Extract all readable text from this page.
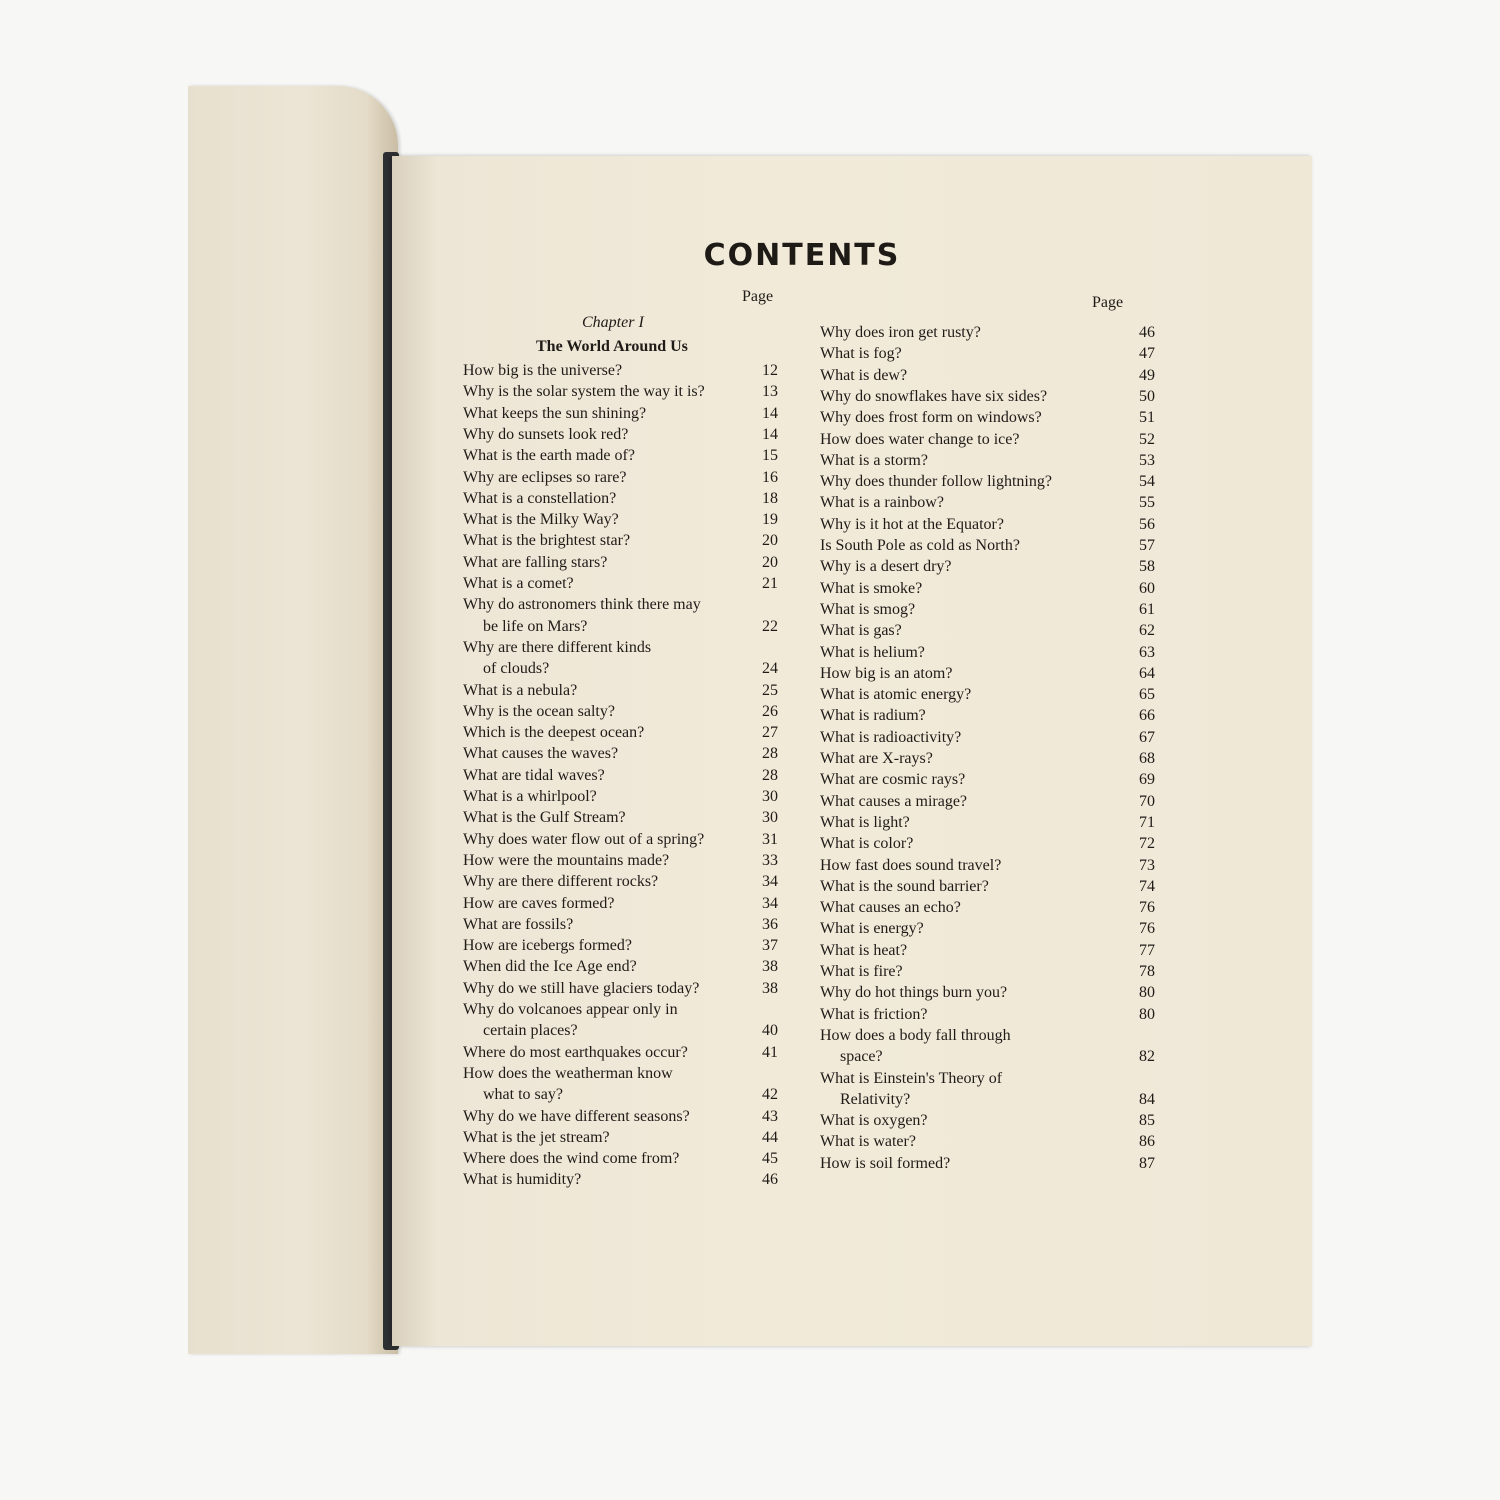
CONTENTS
Page	Page
Chapter I
The World Around Us
How big is the universe?	12
Why is the solar system the way it is?	13
What keeps the sun shining?	14
Why do sunsets look red?	14
What is the earth made of?	15
Why are eclipses so rare?	16
What is a constellation?	18
What is the Milky Way?	19
What is the brightest star?	20
What are falling stars?	20
What is a comet?	21
Why do astronomers think there may
be life on Mars?	22
Why are there different kinds
of clouds?	24
What is a nebula?	25
Why is the ocean salty?	26
Which is the deepest ocean?	27
What causes the waves?	28
What are tidal waves?	28
What is a whirlpool?	30
What is the Gulf Stream?	30
Why does water flow out of a spring?	31
How were the mountains made?	33
Why are there different rocks?	34
How are caves formed?	34
What are fossils?	36
How are icebergs formed?	37
When did the Ice Age end?	38
Why do we still have glaciers today?	38
Why do volcanoes appear only in
certain places?	40
Where do most earthquakes occur?	41
How does the weatherman know
what to say?	42
Why do we have different seasons?	43
What is the jet stream?	44
Where does the wind come from?	45
What is humidity?	46
Why does iron get rusty?	46
What is fog?	47
What is dew?	49
Why do snowflakes have six sides?	50
Why does frost form on windows?	51
How does water change to ice?	52
What is a storm?	53
Why does thunder follow lightning?	54
What is a rainbow?	55
Why is it hot at the Equator?	56
Is South Pole as cold as North?	57
Why is a desert dry?	58
What is smoke?	60
What is smog?	61
What is gas?	62
What is helium?	63
How big is an atom?	64
What is atomic energy?	65
What is radium?	66
What is radioactivity?	67
What are X-rays?	68
What are cosmic rays?	69
What causes a mirage?	70
What is light?	71
What is color?	72
How fast does sound travel?	73
What is the sound barrier?	74
What causes an echo?	76
What is energy?	76
What is heat?	77
What is fire?	78
Why do hot things burn you?	80
What is friction?	80
How does a body fall through
space?	82
What is Einstein's Theory of
Relativity?	84
What is oxygen?	85
What is water?	86
How is soil formed?	87
